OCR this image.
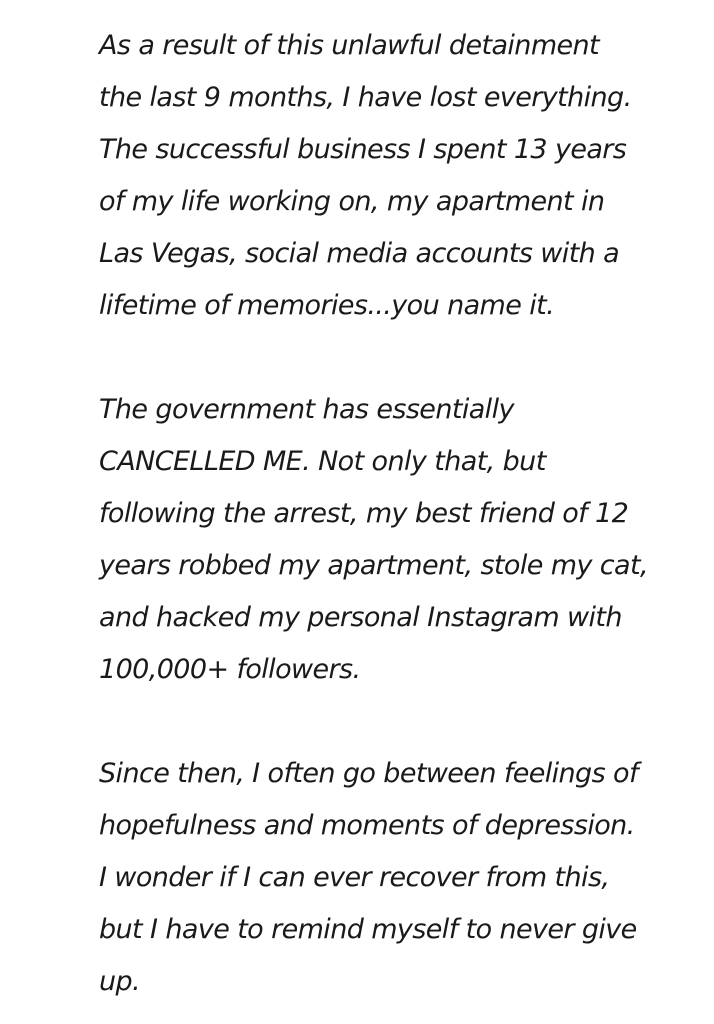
As a result of this unlawful detainment
the last 9 months, I have lost everything.
The successful business I spent 13 years
of my life working on, my apartment in
Las Vegas, social media accounts with a
lifetime of memories...you name it.

The government has essentially
CANCELLED ME. Not only that, but
following the arrest, my best friend of 12
years robbed my apartment, stole my cat,
and hacked my personal Instagram with
100,000+ followers.

Since then, I often go between feelings of
hopefulness and moments of depression.
I wonder if I can ever recover from this,
but I have to remind myself to never give
up.
